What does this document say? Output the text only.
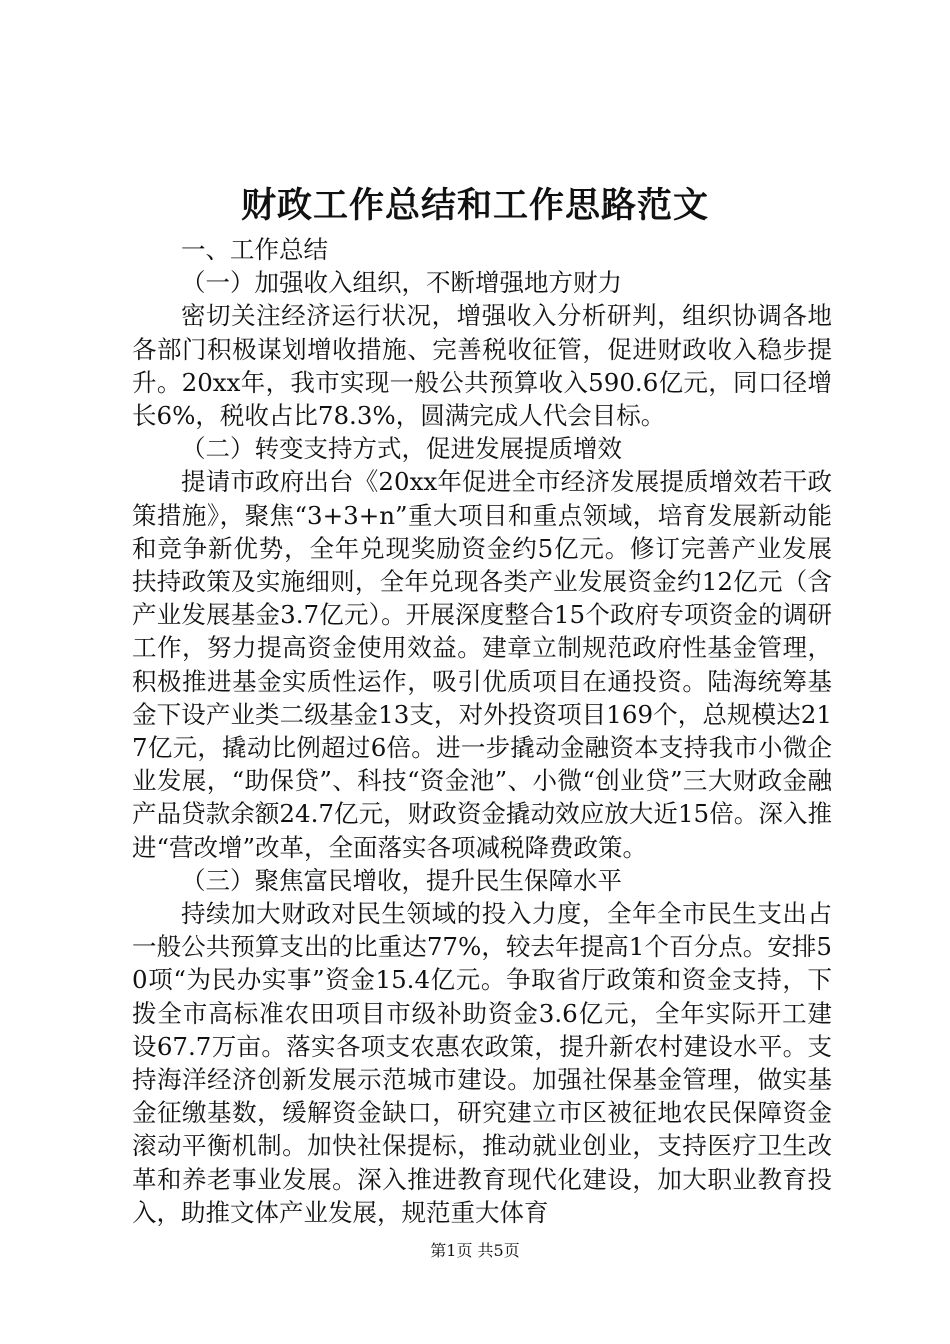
财政工作总结和工作思路范文

一、工作总结

（一）加强收入组织，不断增强地方财力

密切关注经济运行状况，增强收入分析研判，组织协调各地各部门积极谋划增收措施、完善税收征管，促进财政收入稳步提升。20xx年，我市实现一般公共预算收入590.6亿元，同口径增长6%，税收占比78.3%，圆满完成人代会目标。

（二）转变支持方式，促进发展提质增效

提请市政府出台《20xx年促进全市经济发展提质增效若干政策措施》，聚焦“3+3+n”重大项目和重点领域，培育发展新动能和竞争新优势，全年兑现奖励资金约5亿元。修订完善产业发展扶持政策及实施细则，全年兑现各类产业发展资金约12亿元（含产业发展基金3.7亿元）。开展深度整合15个政府专项资金的调研工作，努力提高资金使用效益。建章立制规范政府性基金管理，积极推进基金实质性运作，吸引优质项目在通投资。陆海统筹基金下设产业类二级基金13支，对外投资项目169个，总规模达217亿元，撬动比例超过6倍。进一步撬动金融资本支持我市小微企业发展，“助保贷”、科技“资金池”、小微“创业贷”三大财政金融产品贷款余额24.7亿元，财政资金撬动效应放大近15倍。深入推进“营改增”改革，全面落实各项减税降费政策。

（三）聚焦富民增收，提升民生保障水平

持续加大财政对民生领域的投入力度，全年全市民生支出占一般公共预算支出的比重达77%，较去年提高1个百分点。安排50项“为民办实事”资金15.4亿元。争取省厅政策和资金支持，下拨全市高标准农田项目市级补助资金3.6亿元，全年实际开工建设67.7万亩。落实各项支农惠农政策，提升新农村建设水平。支持海洋经济创新发展示范城市建设。加强社保基金管理，做实基金征缴基数，缓解资金缺口，研究建立市区被征地农民保障资金滚动平衡机制。加快社保提标，推动就业创业，支持医疗卫生改革和养老事业发展。深入推进教育现代化建设，加大职业教育投入，助推文体产业发展，规范重大体育

第1页 共5页
